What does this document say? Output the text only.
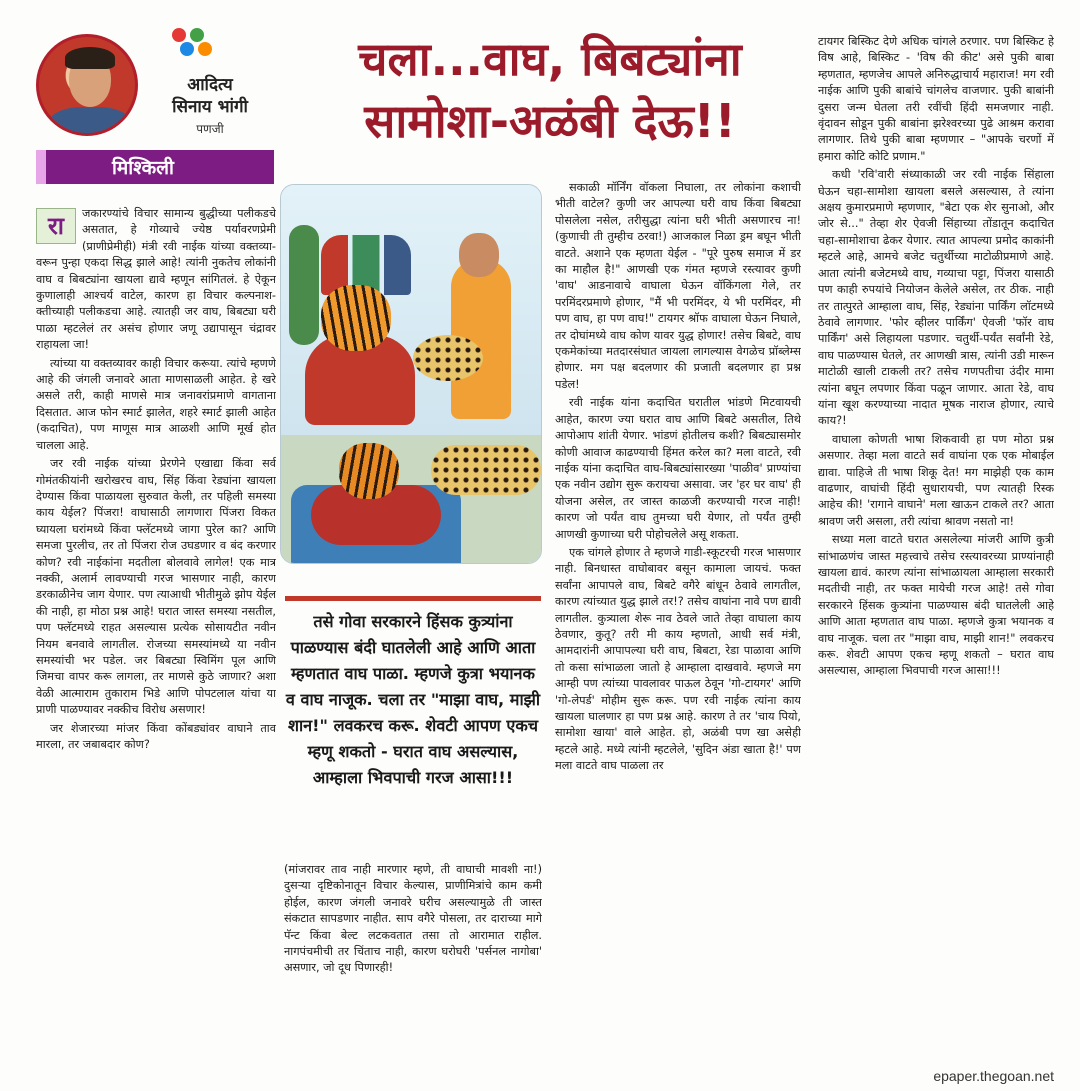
आदित्य
सिनाय भांगी
पणजी
मिश्किली
चला...वाघ, बिबट्यांना सामोशा-अळंबी देऊ!!

रा	जकारण्यांचे विचार सामान्य बुद्धीच्या पलीकडचे असतात, हे गोव्याचे ज्येष्ठ पर्यावरणप्रेमी (प्राणीप्रेमीही) मंत्री रवी नाईक यांच्या वक्तव्या-वरून पुन्हा एकदा सिद्ध झाले आहे! त्यांनी नुकतेच लोकांनी वाघ व बिबट्यांना खायला द्यावे म्हणून सांगितलं. हे ऐकून कुणालाही आश्चर्य वाटेल, कारण हा विचार कल्पनाश-क्तीच्याही पलीकडचा आहे. त्यातही जर वाघ, बिबट्या घरी पाळा म्हटलेलं तर असंच होणार जणू उद्यापासून चंद्रावर राहायला जा!

त्यांच्या या वक्तव्यावर काही विचार करूया. त्यांचे म्हणणे आहे की जंगली जनावरे आता माणसाळली आहेत. हे खरे असले तरी, काही माणसे मात्र जनावरांप्रमाणे वागताना दिसतात. आज फोन स्मार्ट झालेत, शहरे स्मार्ट झाली आहेत (कदाचित), पण माणूस मात्र आळशी आणि मूर्ख होत चालला आहे.

जर रवी नाईक यांच्या प्रेरणेने एखाद्या किंवा सर्व गोमंतकीयांनी खरोखरच वाघ, सिंह किंवा रेड्यांना खायला देण्यास किंवा पाळायला सुरुवात केली, तर पहिली समस्या काय येईल? पिंजरा! वाघासाठी लागणारा पिंजरा विकत घ्यायला घरांमध्ये किंवा फ्लॅटमध्ये जागा पुरेल का? आणि समजा पुरलीच, तर तो पिंजरा रोज उघडणार व बंद करणार कोण? रवी नाईकांना मदतीला बोलवावे लागेल! एक मात्र नक्की, अलार्म लावण्याची गरज भासणार नाही, कारण डरकाळीनेच जाग येणार. पण त्याआधी भीतीमुळे झोप येईल की नाही, हा मोठा प्रश्न आहे! घरात जास्त समस्या नसतील, पण फ्लॅटमध्ये राहत असल्यास प्रत्येक सोसायटीत नवीन नियम बनवावे लागतील. रोजच्या समस्यांमध्ये या नवीन समस्यांची भर पडेल. जर बिबट्या स्विमिंग पूल आणि जिमचा वापर करू लागला, तर माणसे कुठे जाणार? अशा वेळी आत्माराम तुकाराम भिडे आणि पोपटलाल यांचा या प्राणी पाळण्यावर नक्कीच विरोध असणार!

जर शेजारच्या मांजर किंवा कोंबड्यांवर वाघाने ताव मारला, तर जबाबदार कोण?

तसे गोवा सरकारने हिंसक कुत्र्यांना पाळण्यास बंदी घातलेली आहे आणि आता म्हणतात वाघ पाळा. म्हणजे कुत्रा भयानक व वाघ नाजूक. चला तर "माझा वाघ, माझी शान!" लवकरच करू. शेवटी आपण एकच म्हणू शकतो - घरात वाघ असल्यास, आम्हाला भिवपाची गरज आसा!!!

(मांजरावर ताव नाही मारणार म्हणे, ती वाघाची मावशी ना!) दुसऱ्या दृष्टिकोनातून विचार केल्यास, प्राणीमित्रांचे काम कमी होईल, कारण जंगली जनावरे घरीच असल्यामुळे ती जास्त संकटात सापडणार नाहीत. साप वगैरे पोसला, तर दाराच्या मागे पॅन्ट किंवा बेल्ट लटकवतात तसा तो आरामात राहील. नागपंचमीची तर चिंताच नाही, कारण घरोघरी 'पर्सनल नागोबा' असणार, जो दूध पिणारही!

सकाळी मॉर्निंग वॉकला निघाला, तर लोकांना कशाची भीती वाटेल? कुणी जर आपल्या घरी वाघ किंवा बिबट्या पोसलेला नसेल, तरीसुद्धा त्यांना घरी भीती असणारच ना! (कुणाची ती तुम्हीच ठरवा!) आजकाल निळा ड्रम बघून भीती वाटते. अशाने एक म्हणता येईल - "पूरे पुरुष समाज में डर का माहौल है!" आणखी एक गंमत म्हणजे रस्त्यावर कुणी 'वाघ' आडनावाचे वाघाला घेऊन वॉकिंगला गेले, तर परमिंदरप्रमाणे होणार, "मैं भी परमिंदर, ये भी परमिंदर, मी पण वाघ, हा पण वाघ!" टायगर श्रॉफ वाघाला घेऊन निघाले, तर दोघांमध्ये वाघ कोण यावर युद्ध होणार! तसेच बिबटे, वाघ एकमेकांच्या मतदारसंघात जायला लागल्यास वेगळेच प्रॉब्लेम्स होणार. मग पक्ष बदलणार की प्रजाती बदलणार हा प्रश्न पडेल!

रवी नाईक यांना कदाचित घरातील भांडणे मिटवायची आहेत, कारण ज्या घरात वाघ आणि बिबटे असतील, तिथे आपोआप शांती येणार. भांडणं होतीलच कशी? बिबट्यासमोर कोणी आवाज काढण्याची हिंमत करेल का? मला वाटते, रवी नाईक यांना कदाचित वाघ-बिबट्यांसारख्या 'पाळीव' प्राण्यांचा एक नवीन उद्योग सुरू करायचा असावा. जर 'हर घर वाघ' ही योजना असेल, तर जास्त काळजी करण्याची गरज नाही! कारण जो पर्यंत वाघ तुमच्या घरी येणार, तो पर्यंत तुम्ही आणखी कुणाच्या घरी पोहोचलेले असू शकता.

एक चांगले होणार ते म्हणजे गाडी-स्कूटरची गरज भासणार नाही. बिनधास्त वाघोबावर बसून कामाला जायचं. फक्त सर्वांना आपापले वाघ, बिबटे वगैरे बांधून ठेवावे लागतील, कारण त्यांच्यात युद्ध झाले तर!? तसेच वाघांना नावे पण द्यावी लागतील. कुत्र्याला शेरू नाव ठेवले जाते तेव्हा वाघाला काय ठेवणार, कुतू? तरी मी काय म्हणतो, आधी सर्व मंत्री, आमदारांनी आपापल्या घरी वाघ, बिबटा, रेडा पाळावा आणि तो कसा सांभाळला जातो हे आम्हाला दाखवावे. म्हणजे मग आम्ही पण त्यांच्या पावलावर पाऊल ठेवून 'गो-टायगर' आणि 'गो-लेपर्ड' मोहीम सुरू करू. पण रवी नाईक त्यांना काय खायला घालणार हा पण प्रश्न आहे. कारण ते तर 'चाय पियो, सामोशा खाया' वाले आहेत. हो, अळंबी पण खा असेही म्हटले आहे. मध्ये त्यांनी म्हटलेले, 'सुदिन अंडा खाता है!' पण मला वाटते वाघ पाळला तर

टायगर बिस्किट देणे अधिक चांगले ठरणार. पण बिस्किट हे विष आहे, बिस्किट - 'विष की कीट' असे पुकी बाबा म्हणतात, म्हणजेच आपले अनिरुद्धाचार्य महाराज! मग रवी नाईक आणि पुकी बाबांचे चांगलेच वाजणार. पुकी बाबांनी दुसरा जन्म घेतला तरी रवींची हिंदी समजणार नाही. वृंदावन सोडून पुकी बाबांना झरेश्वरच्या पुढे आश्रम करावा लागणार. तिथे पुकी बाबा म्हणणार – "आपके चरणों में हमारा कोटि कोटि प्रणाम."

कधी 'रवि'वारी संध्याकाळी जर रवी नाईक सिंहाला घेऊन चहा-सामोशा खायला बसले असल्यास, ते त्यांना अक्षय कुमारप्रमाणे म्हणणार, "बेटा एक शेर सुनाओ, और जोर से..." तेव्हा शेर ऐवजी सिंहाच्या तोंडातून कदाचित चहा-सामोशाचा ढेकर येणार. त्यात आपल्या प्रमोद काकांनी म्हटले आहे, आमचे बजेट चतुर्थीच्या माटोळीप्रमाणे आहे. आता त्यांनी बजेटमध्ये वाघ, गव्याचा पट्टा, पिंजरा यासाठी पण काही रुपयांचे नियोजन केलेले असेल, तर ठीक. नाही तर तात्पुरते आम्हाला वाघ, सिंह, रेड्यांना पार्किंग लॉटमध्ये ठेवावे लागणार. 'फोर व्हीलर पार्किंग' ऐवजी 'फॉर वाघ पार्किंग' असे लिहायला पडणार. चतुर्थी-पर्यंत सर्वांनी रेडे, वाघ पाळण्यास घेतले, तर आणखी त्रास, त्यांनी उडी मारून माटोळी खाली टाकली तर? तसेच गणपतीचा उंदीर मामा त्यांना बघून लपणार किंवा पळून जाणार. आता रेडे, वाघ यांना खूश करण्याच्या नादात मूषक नाराज होणार, त्याचे काय?!

वाघाला कोणती भाषा शिकवावी हा पण मोठा प्रश्न असणार. तेव्हा मला वाटते सर्व वाघांना एक एक मोबाईल द्यावा. पाहिजे ती भाषा शिकू देत! मग माझेही एक काम वाढणार, वाघांची हिंदी सुधारायची, पण त्यातही रिस्क आहेच की! 'रागाने वाघाने' मला खाऊन टाकले तर? आता श्रावण जरी असला, तरी त्यांचा श्रावण नसतो ना!

सध्या मला वाटते घरात असलेल्या मांजरी आणि कुत्री सांभाळणंच जास्त महत्त्वाचे तसेच रस्त्यावरच्या प्राण्यांनाही खायला द्यावं. कारण त्यांना सांभाळायला आम्हाला सरकारी मदतीची नाही, तर फक्त मायेची गरज आहे! तसे गोवा सरकारने हिंसक कुत्र्यांना पाळण्यास बंदी घातलेली आहे आणि आता म्हणतात वाघ पाळा. म्हणजे कुत्रा भयानक व वाघ नाजूक. चला तर "माझा वाघ, माझी शान!" लवकरच करू. शेवटी आपण एकच म्हणू शकतो – घरात वाघ असल्यास, आम्हाला भिवपाची गरज आसा!!!

epaper.thegoan.net
